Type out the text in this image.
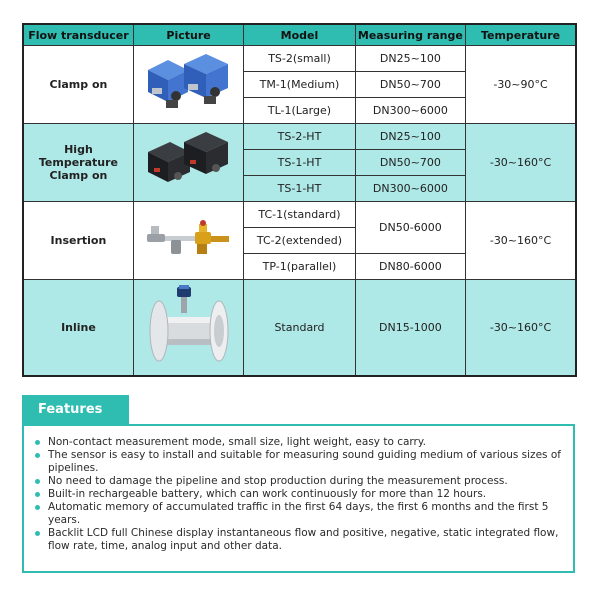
Flow transducer	Picture	Model	Measuring range	Temperature
Clamp on		TS-2(small)	DN25~100	-30~90°C
		TM-1(Medium)	DN50~700	
		TL-1(Large)	DN300~6000	
High Temperature Clamp on		TS-2-HT	DN25~100	-30~160°C
		TS-1-HT	DN50~700	
		TS-1-HT	DN300~6000	
Insertion		TC-1(standard)	DN50-6000	-30~160°C
		TC-2(extended)		
		TP-1(parallel)	DN80-6000	
Inline		Standard	DN15-1000	-30~160°C
Features
Non-contact measurement mode, small size, light weight, easy to carry.
The sensor is easy to install and suitable for measuring sound guiding medium of various sizes of pipelines.
No need to damage the pipeline and stop production during the measurement process.
Built-in rechargeable battery, which can work continuously for more than 12 hours.
Automatic memory of accumulated traffic in the first 64 days, the first 6 months and the first 5 years.
Backlit LCD full Chinese display instantaneous flow and positive, negative, static integrated flow, flow rate, time, analog input and other data.
